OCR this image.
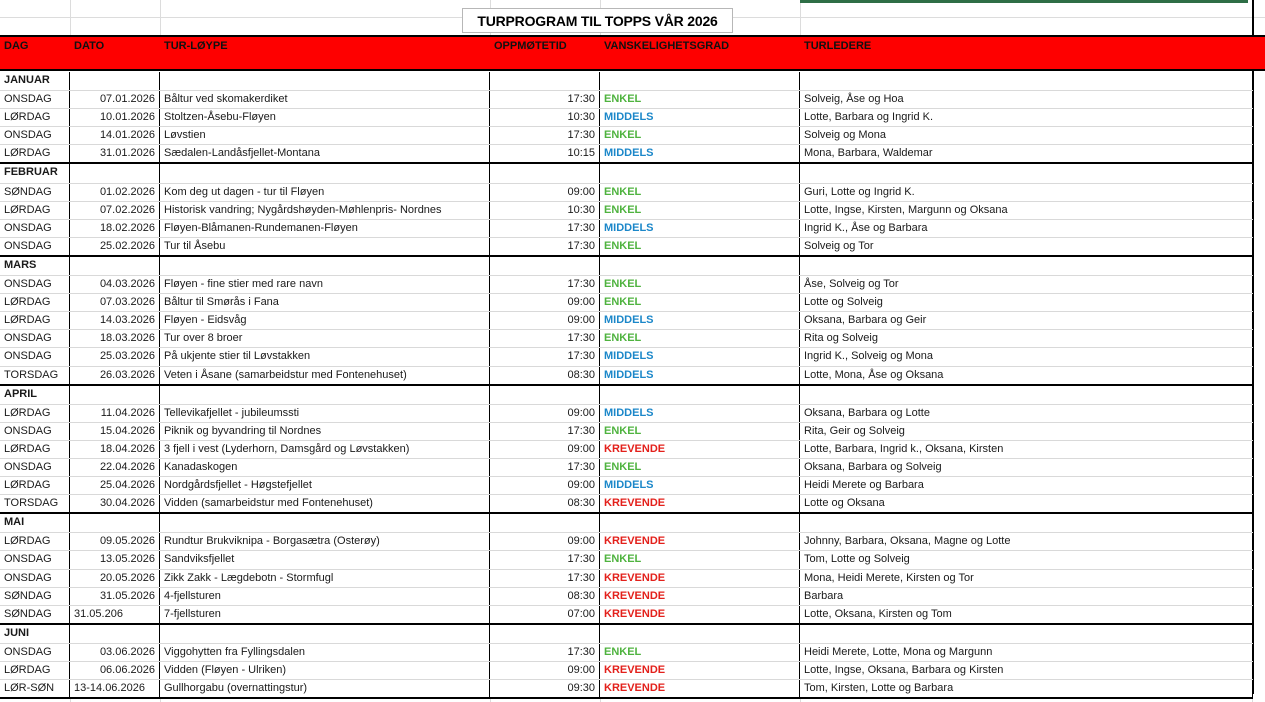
TURPROGRAM TIL TOPPS VÅR 2026
DAG	DATO	TUR-LØYPE	OPPMØTETID	VANSKELIGHETSGRAD	TURLEDERE
JANUAR
ONSDAG	07.01.2026 Båltur ved skomakerdiket	17:30 ENKEL	Solveig, Åse og Hoa
LØRDAG	10.01.2026 Stoltzen-Åsebu-Fløyen	10:30 MIDDELS	Lotte, Barbara og Ingrid K.
ONSDAG	14.01.2026 Løvstien	17:30 ENKEL	Solveig og Mona
LØRDAG	31.01.2026 Sædalen-Landåsfjellet-Montana	10:15 MIDDELS	Mona, Barbara, Waldemar
FEBRUAR
SØNDAG	01.02.2026 Kom deg ut dagen - tur til Fløyen	09:00 ENKEL	Guri, Lotte og Ingrid K.
LØRDAG	07.02.2026 Historisk vandring; Nygårdshøyden-Møhlenpris- Nordnes	10:30 ENKEL	Lotte, Ingse, Kirsten, Margunn og Oksana
ONSDAG	18.02.2026 Fløyen-Blåmanen-Rundemanen-Fløyen	17:30 MIDDELS	Ingrid K., Åse og Barbara
ONSDAG	25.02.2026 Tur til Åsebu	17:30 ENKEL	Solveig og Tor
MARS
ONSDAG	04.03.2026 Fløyen - fine stier med rare navn	17:30 ENKEL	Åse, Solveig og Tor
LØRDAG	07.03.2026 Båltur til Smørås i Fana	09:00 ENKEL	Lotte og Solveig
LØRDAG	14.03.2026 Fløyen - Eidsvåg	09:00 MIDDELS	Oksana, Barbara og Geir
ONSDAG	18.03.2026 Tur over 8 broer	17:30 ENKEL	Rita og Solveig
ONSDAG	25.03.2026 På ukjente stier til Løvstakken	17:30 MIDDELS	Ingrid K., Solveig og Mona
TORSDAG	26.03.2026 Veten i Åsane (samarbeidstur med Fontenehuset)	08:30 MIDDELS	Lotte, Mona, Åse og Oksana
APRIL
LØRDAG	11.04.2026 Tellevikafjellet - jubileumssti	09:00 MIDDELS	Oksana, Barbara og Lotte
ONSDAG	15.04.2026 Piknik og byvandring til Nordnes	17:30 ENKEL	Rita, Geir og Solveig
LØRDAG	18.04.2026 3 fjell i vest (Lyderhorn, Damsgård og Løvstakken)	09:00 KREVENDE	Lotte, Barbara, Ingrid k., Oksana, Kirsten
ONSDAG	22.04.2026 Kanadaskogen	17:30 ENKEL	Oksana, Barbara og Solveig
LØRDAG	25.04.2026 Nordgårdsfjellet - Høgstefjellet	09:00 MIDDELS	Heidi Merete og Barbara
TORSDAG	30.04.2026 Vidden (samarbeidstur med Fontenehuset)	08:30 KREVENDE	Lotte og Oksana
MAI
LØRDAG	09.05.2026 Rundtur Brukviknipa - Borgasætra (Osterøy)	09:00 KREVENDE	Johnny, Barbara, Oksana, Magne og Lotte
ONSDAG	13.05.2026 Sandviksfjellet	17:30 ENKEL	Tom, Lotte og Solveig
ONSDAG	20.05.2026 Zikk Zakk - Lægdebotn - Stormfugl	17:30 KREVENDE	Mona, Heidi Merete, Kirsten og Tor
SØNDAG	31.05.2026 4-fjellsturen	08:30 KREVENDE	Barbara
SØNDAG	31.05.206	7-fjellsturen	07:00 KREVENDE	Lotte, Oksana, Kirsten og Tom
JUNI
ONSDAG	03.06.2026 Viggohytten fra Fyllingsdalen	17:30 ENKEL	Heidi Merete, Lotte, Mona og Margunn
LØRDAG	06.06.2026 Vidden (Fløyen - Ulriken)	09:00 KREVENDE	Lotte, Ingse, Oksana, Barbara og Kirsten
LØR-SØN	13-14.06.2026	Gullhorgabu (overnattingstur)	09:30 KREVENDE	Tom, Kirsten, Lotte og Barbara
